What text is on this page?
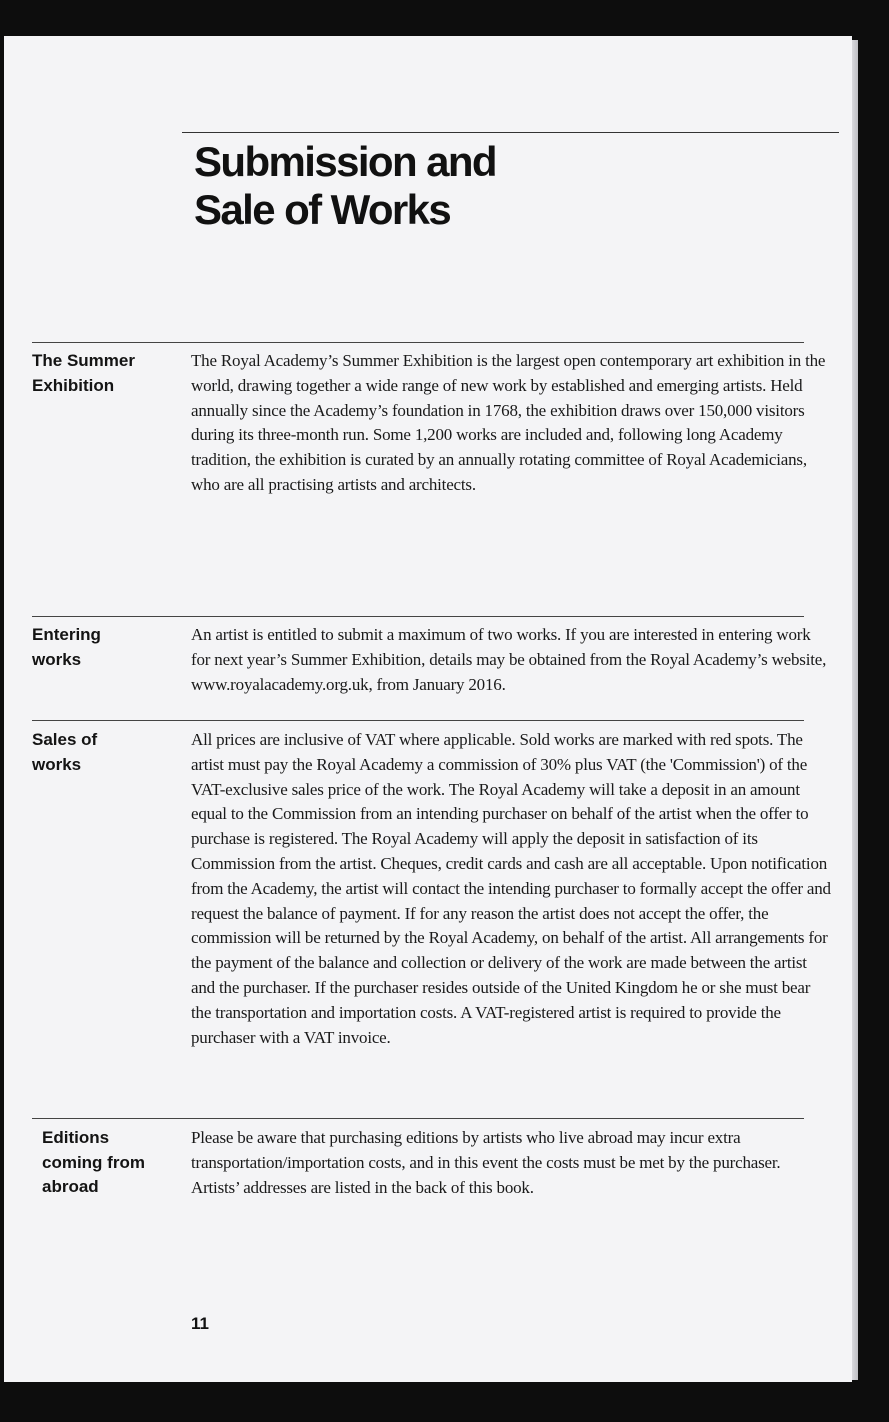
Submission and
Sale of Works
The Summer
Exhibition

The Royal Academy’s Summer Exhibition is the largest open contemporary art exhibition in the world, drawing together a wide range of new work by established and emerging artists. Held annually since the Academy’s foundation in 1768, the exhibition draws over 150,000 visitors during its three-month run. Some 1,200 works are included and, following long Academy tradition, the exhibition is curated by an annually rotating committee of Royal Academicians, who are all practising artists and architects.

Entering
works

An artist is entitled to submit a maximum of two works. If you are interested in entering work for next year’s Summer Exhibition, details may be obtained from the Royal Academy’s website, www.royalacademy.org.uk, from January 2016.

Sales of
works

All prices are inclusive of VAT where applicable. Sold works are marked with red spots. The artist must pay the Royal Academy a commission of 30% plus VAT (the 'Commission') of the VAT-exclusive sales price of the work. The Royal Academy will take a deposit in an amount equal to the Commission from an intending purchaser on behalf of the artist when the offer to purchase is registered. The Royal Academy will apply the deposit in satisfaction of its Commission from the artist. Cheques, credit cards and cash are all acceptable. Upon notification from the Academy, the artist will contact the intending purchaser to formally accept the offer and request the balance of payment. If for any reason the artist does not accept the offer, the commission will be returned by the Royal Academy, on behalf of the artist. All arrangements for the payment of the balance and collection or delivery of the work are made between the artist and the purchaser. If the purchaser resides outside of the United Kingdom he or she must bear the transportation and importation costs. A VAT-registered artist is required to provide the purchaser with a VAT invoice.

Editions
coming from
abroad

Please be aware that purchasing editions by artists who live abroad may incur extra transportation/importation costs, and in this event the costs must be met by the purchaser. Artists’ addresses are listed in the back of this book.

11
